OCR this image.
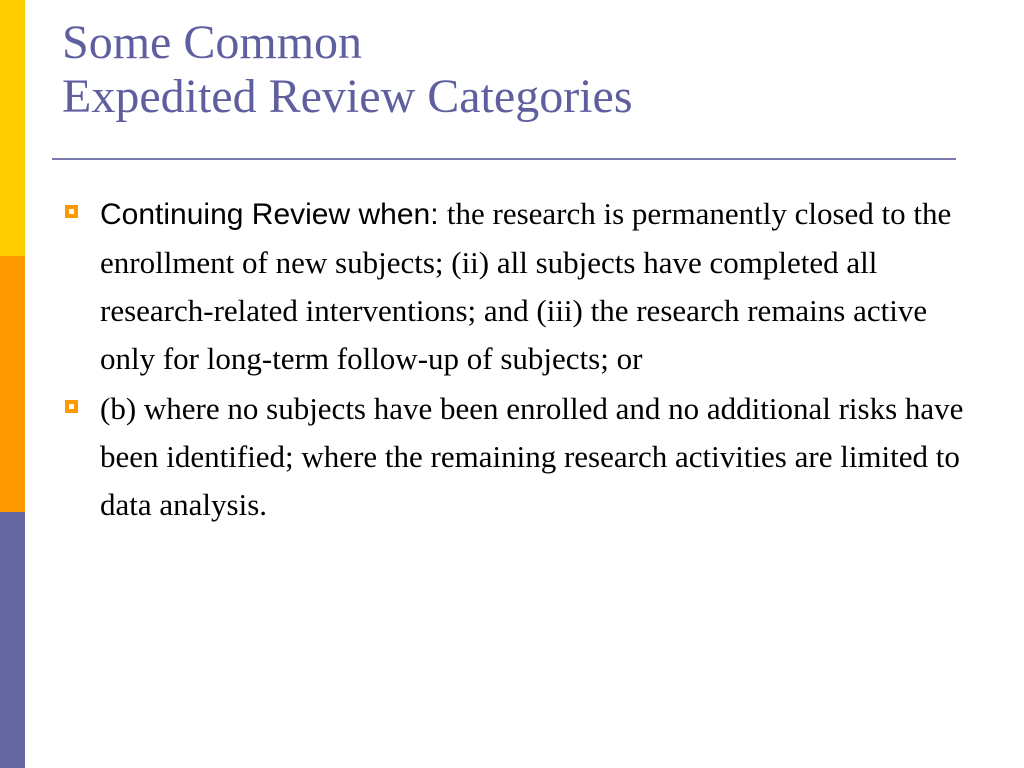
Some Common
Expedited Review Categories
Continuing Review when: the research is permanently closed to the enrollment of new subjects; (ii) all subjects have completed all research-related interventions; and (iii) the research remains active only for long-term follow-up of subjects; or
(b) where no subjects have been enrolled and no additional risks have been identified; where the remaining research activities are limited to data analysis.
